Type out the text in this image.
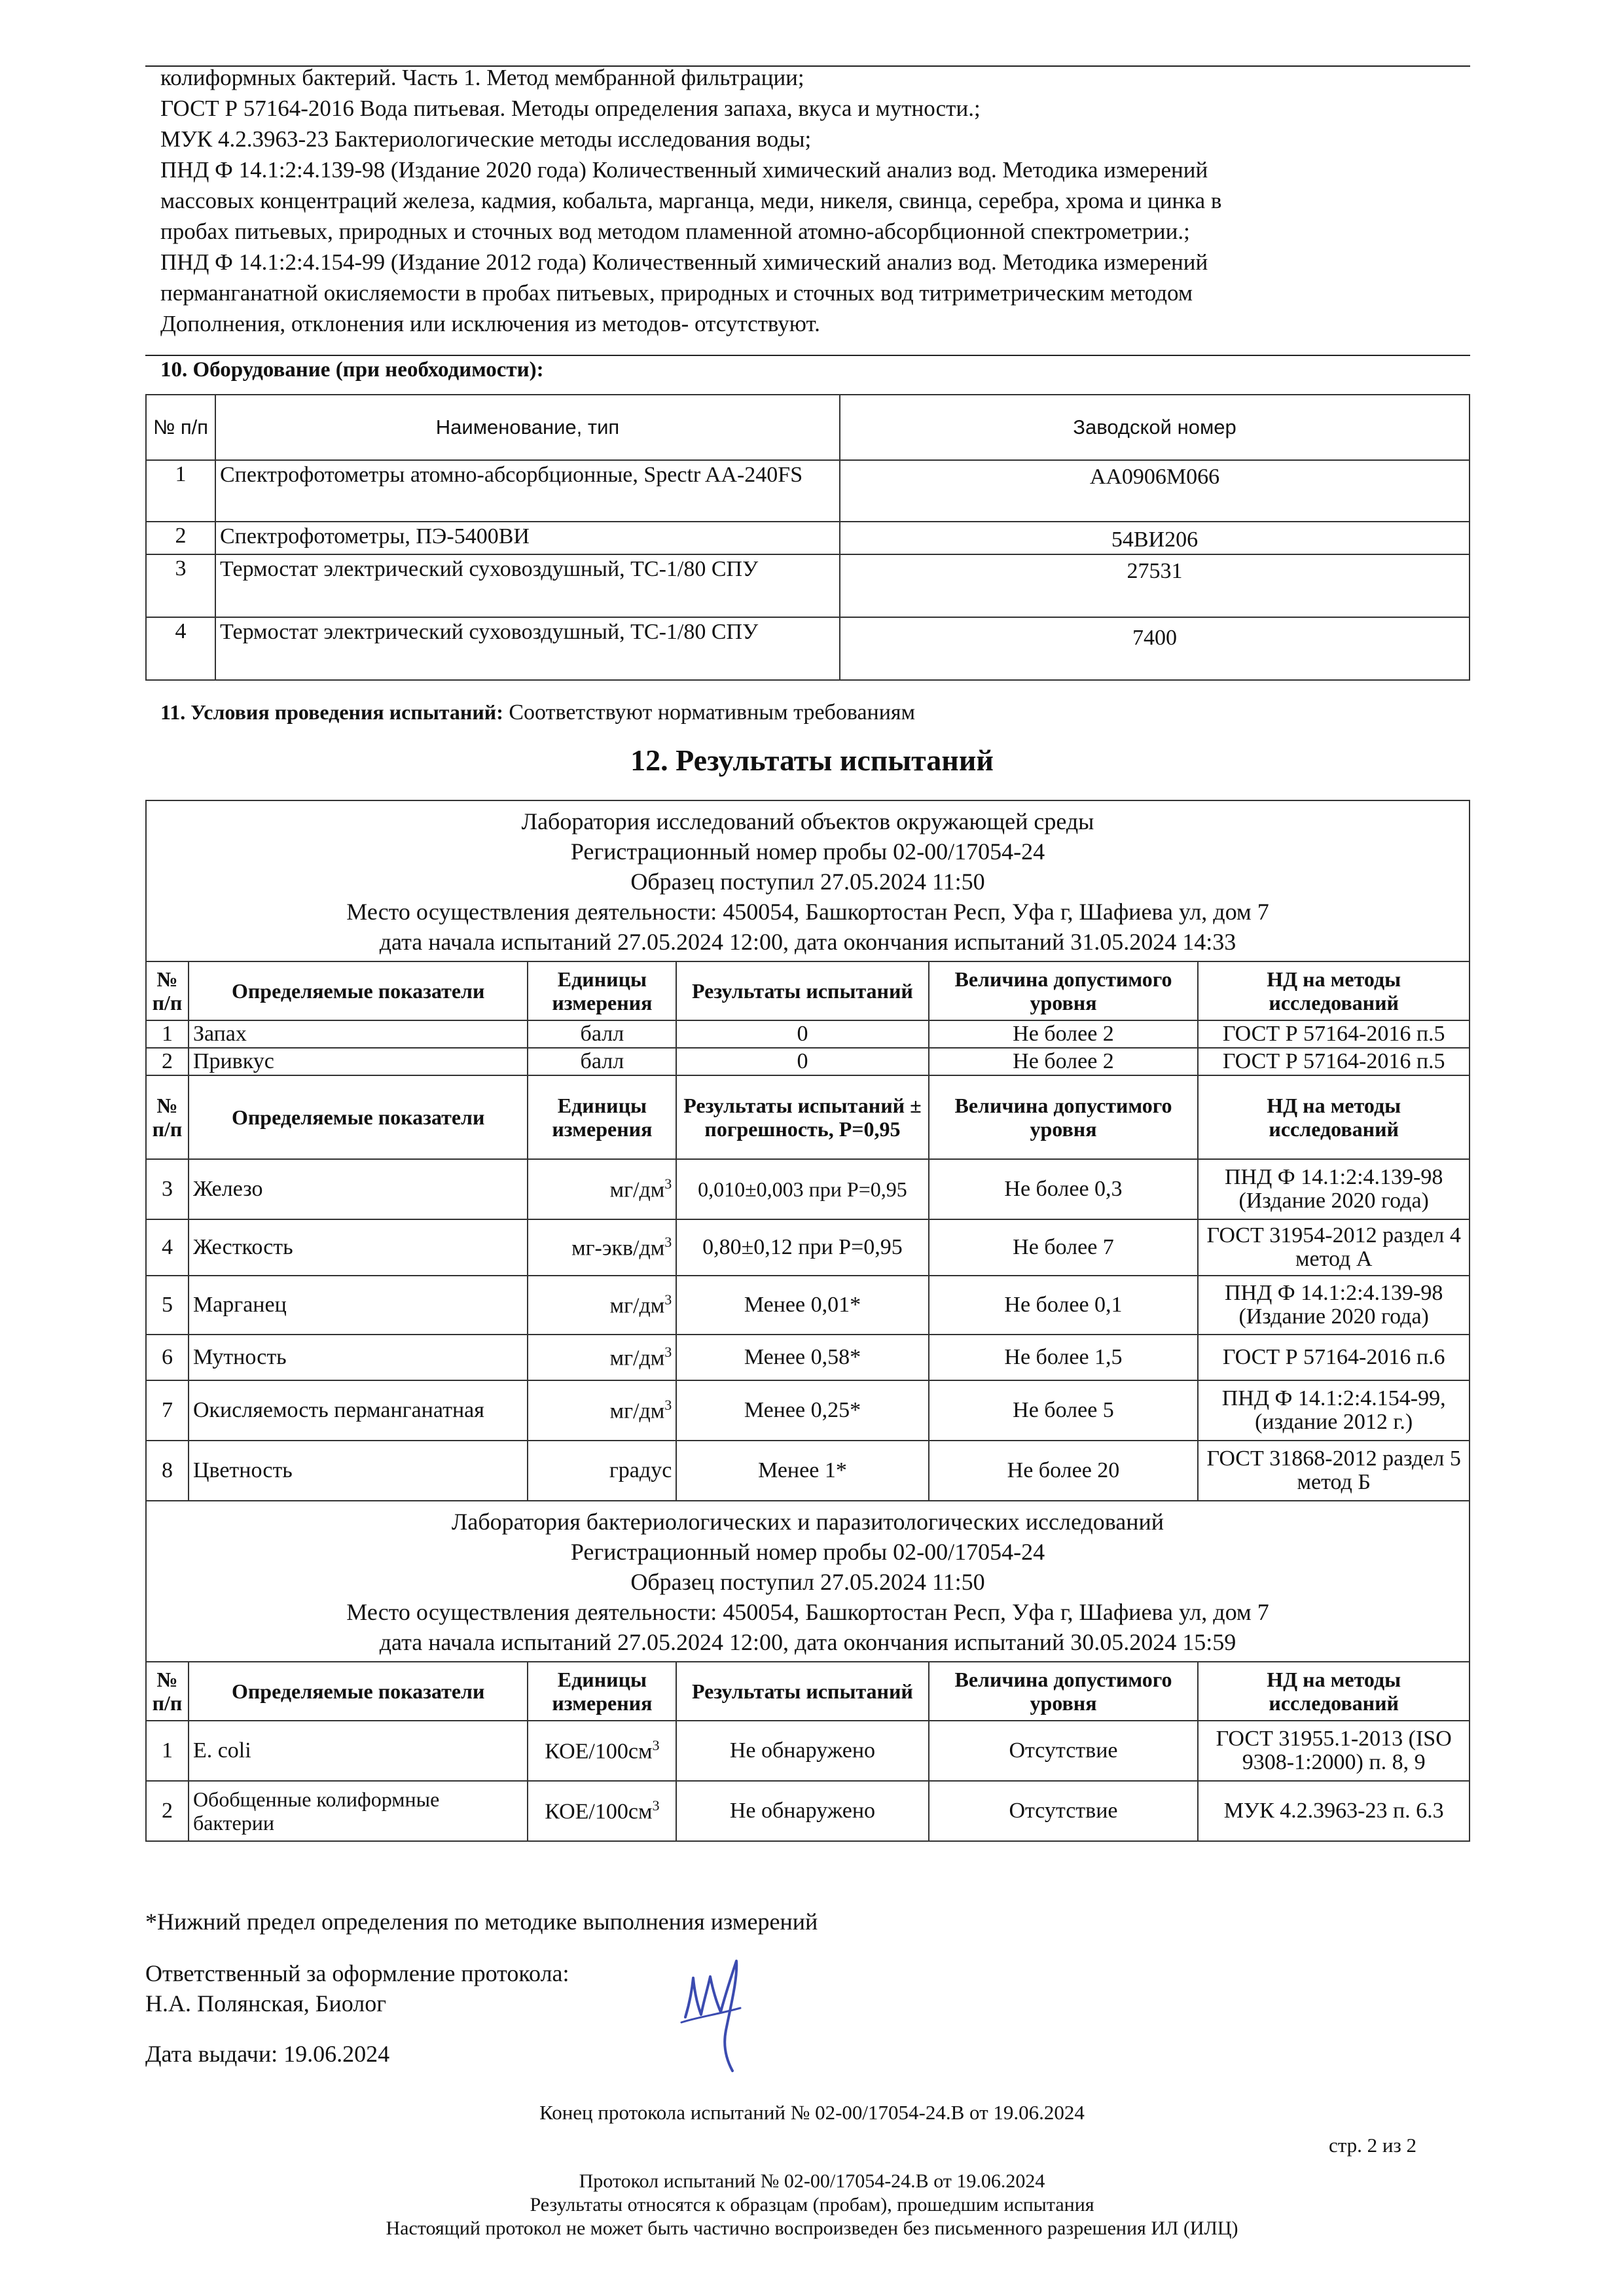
колиформных бактерий. Часть 1. Метод мембранной фильтрации;
ГОСТ Р 57164-2016 Вода питьевая. Методы определения запаха, вкуса и мутности.;
МУК 4.2.3963-23 Бактериологические методы исследования воды;
ПНД Ф 14.1:2:4.139-98 (Издание 2020 года) Количественный химический анализ вод. Методика измерений
массовых концентраций железа, кадмия, кобальта, марганца, меди, никеля, свинца, серебра, хрома и цинка в
пробах питьевых, природных и сточных вод методом пламенной атомно-абсорбционной спектрометрии.;
ПНД Ф 14.1:2:4.154-99 (Издание 2012 года) Количественный химический анализ вод. Методика измерений
перманганатной окисляемости в пробах питьевых, природных и сточных вод титриметрическим методом
Дополнения, отклонения или исключения из методов- отсутствуют.
10. Оборудование (при необходимости):
№ п/п	Наименование, тип	Заводской номер
1	Спектрофотометры атомно-абсорбционные, Spectr AA-240FS	AA0906M066
2	Спектрофотометры, ПЭ-5400ВИ	54ВИ206
3	Термостат электрический суховоздушный, ТС-1/80 СПУ	27531
4	Термостат электрический суховоздушный, ТС-1/80 СПУ	7400
11. Условия проведения испытаний: Соответствуют нормативным требованиям
12. Результаты испытаний
Лаборатория исследований объектов окружающей среды
Регистрационный номер пробы 02-00/17054-24
Образец поступил 27.05.2024 11:50
Место осуществления деятельности: 450054, Башкортостан Респ, Уфа г, Шафиева ул, дом 7
дата начала испытаний 27.05.2024 12:00, дата окончания испытаний 31.05.2024 14:33					

№ п/п	Определяемые показатели	Единицы измерения	Результаты испытаний	Величина допустимого уровня	НД на методы исследований
1	Запах	балл	0	Не более 2	ГОСТ Р 57164-2016 п.5
2	Привкус	балл	0	Не более 2	ГОСТ Р 57164-2016 п.5
№ п/п	Определяемые показатели	Единицы измерения	Результаты испытаний ± погрешность, P=0,95	Величина допустимого уровня	НД на методы исследований
3	Железо	$мг/дм^3$	0,010±0,003 при P=0,95	Не более 0,3	ПНД Ф 14.1:2:4.139-98 (Издание 2020 года)
4	Жесткость	$мг-экв/дм^3$	0,80±0,12 при P=0,95	Не более 7	ГОСТ 31954-2012 раздел 4 метод А
5	Марганец	$мг/дм^3$	Менее 0,01*	Не более 0,1	ПНД Ф 14.1:2:4.139-98 (Издание 2020 года)
6	Мутность	$мг/дм^3$	Менее 0,58*	Не более 1,5	ГОСТ Р 57164-2016 п.6
7	Окисляемость перманганатная	$мг/дм^3$	Менее 0,25*	Не более 5	ПНД Ф 14.1:2:4.154-99, (издание 2012 г.)
8	Цветность	градус	Менее 1*	Не более 20	ГОСТ 31868-2012 раздел 5 метод Б

Лаборатория бактериологических и паразитологических исследований
Регистрационный номер пробы 02-00/17054-24
Образец поступил 27.05.2024 11:50
Место осуществления деятельности: 450054, Башкортостан Респ, Уфа г, Шафиева ул, дом 7
дата начала испытаний 27.05.2024 12:00, дата окончания испытаний 30.05.2024 15:59					

№ п/п	Определяемые показатели	Единицы измерения	Результаты испытаний	Величина допустимого уровня	НД на методы исследований
1	E. coli	КОЕ/$100см^3$	Не обнаружено	Отсутствие	ГОСТ 31955.1-2013 (ISO 9308-1:2000) п. 8, 9
2	Обобщенные колиформные бактерии	КОЕ/$100см^3$	Не обнаружено	Отсутствие	МУК 4.2.3963-23 п. 6.3
*Нижний предел определения по методике выполнения измерений
Ответственный за оформление протокола:
Н.А. Полянская, Биолог
Дата выдачи: 19.06.2024
Конец протокола испытаний № 02-00/17054-24.В от 19.06.2024
стр. 2 из 2
Протокол испытаний № 02-00/17054-24.В от 19.06.2024
Результаты относятся к образцам (пробам), прошедшим испытания
Настоящий протокол не может быть частично воспроизведен без письменного разрешения ИЛ (ИЛЦ)
